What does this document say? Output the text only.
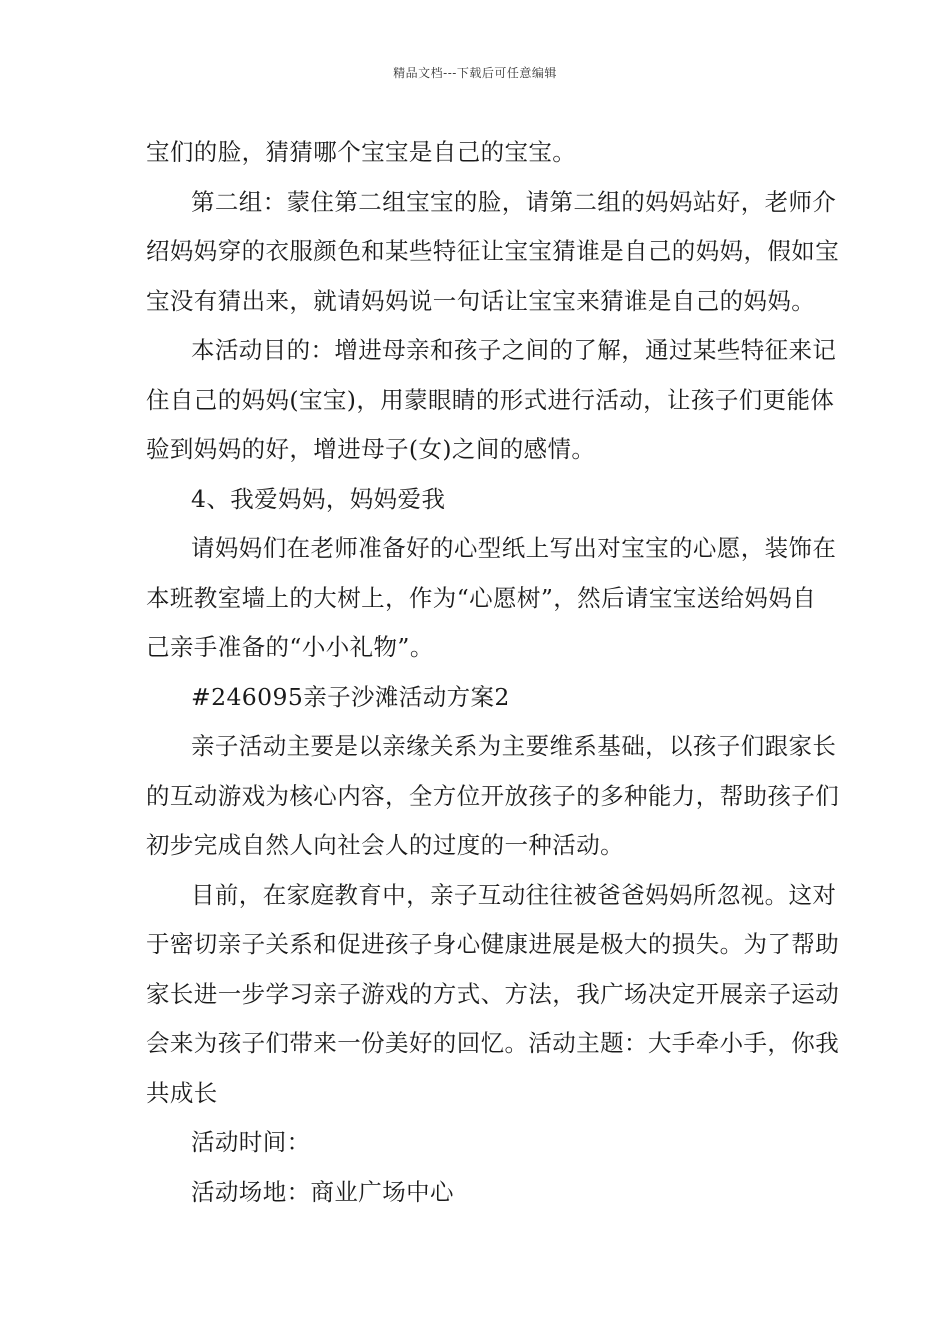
精品文档---下载后可任意编辑
宝们的脸，猜猜哪个宝宝是自己的宝宝。
第二组：蒙住第二组宝宝的脸，请第二组的妈妈站好，老师介
绍妈妈穿的衣服颜色和某些特征让宝宝猜谁是自己的妈妈，假如宝
宝没有猜出来，就请妈妈说一句话让宝宝来猜谁是自己的妈妈。
本活动目的：增进母亲和孩子之间的了解，通过某些特征来记
住自己的妈妈(宝宝)，用蒙眼睛的形式进行活动，让孩子们更能体
验到妈妈的好，增进母子(女)之间的感情。
4、我爱妈妈，妈妈爱我
请妈妈们在老师准备好的心型纸上写出对宝宝的心愿，装饰在
本班教室墙上的大树上，作为“心愿树”，然后请宝宝送给妈妈自
己亲手准备的“小小礼物”。
#246095亲子沙滩活动方案2
亲子活动主要是以亲缘关系为主要维系基础，以孩子们跟家长
的互动游戏为核心内容，全方位开放孩子的多种能力，帮助孩子们
初步完成自然人向社会人的过度的一种活动。
目前，在家庭教育中，亲子互动往往被爸爸妈妈所忽视。这对
于密切亲子关系和促进孩子身心健康进展是极大的损失。为了帮助
家长进一步学习亲子游戏的方式、方法，我广场决定开展亲子运动
会来为孩子们带来一份美好的回忆。活动主题：大手牵小手，你我
共成长
活动时间：
活动场地：商业广场中心
